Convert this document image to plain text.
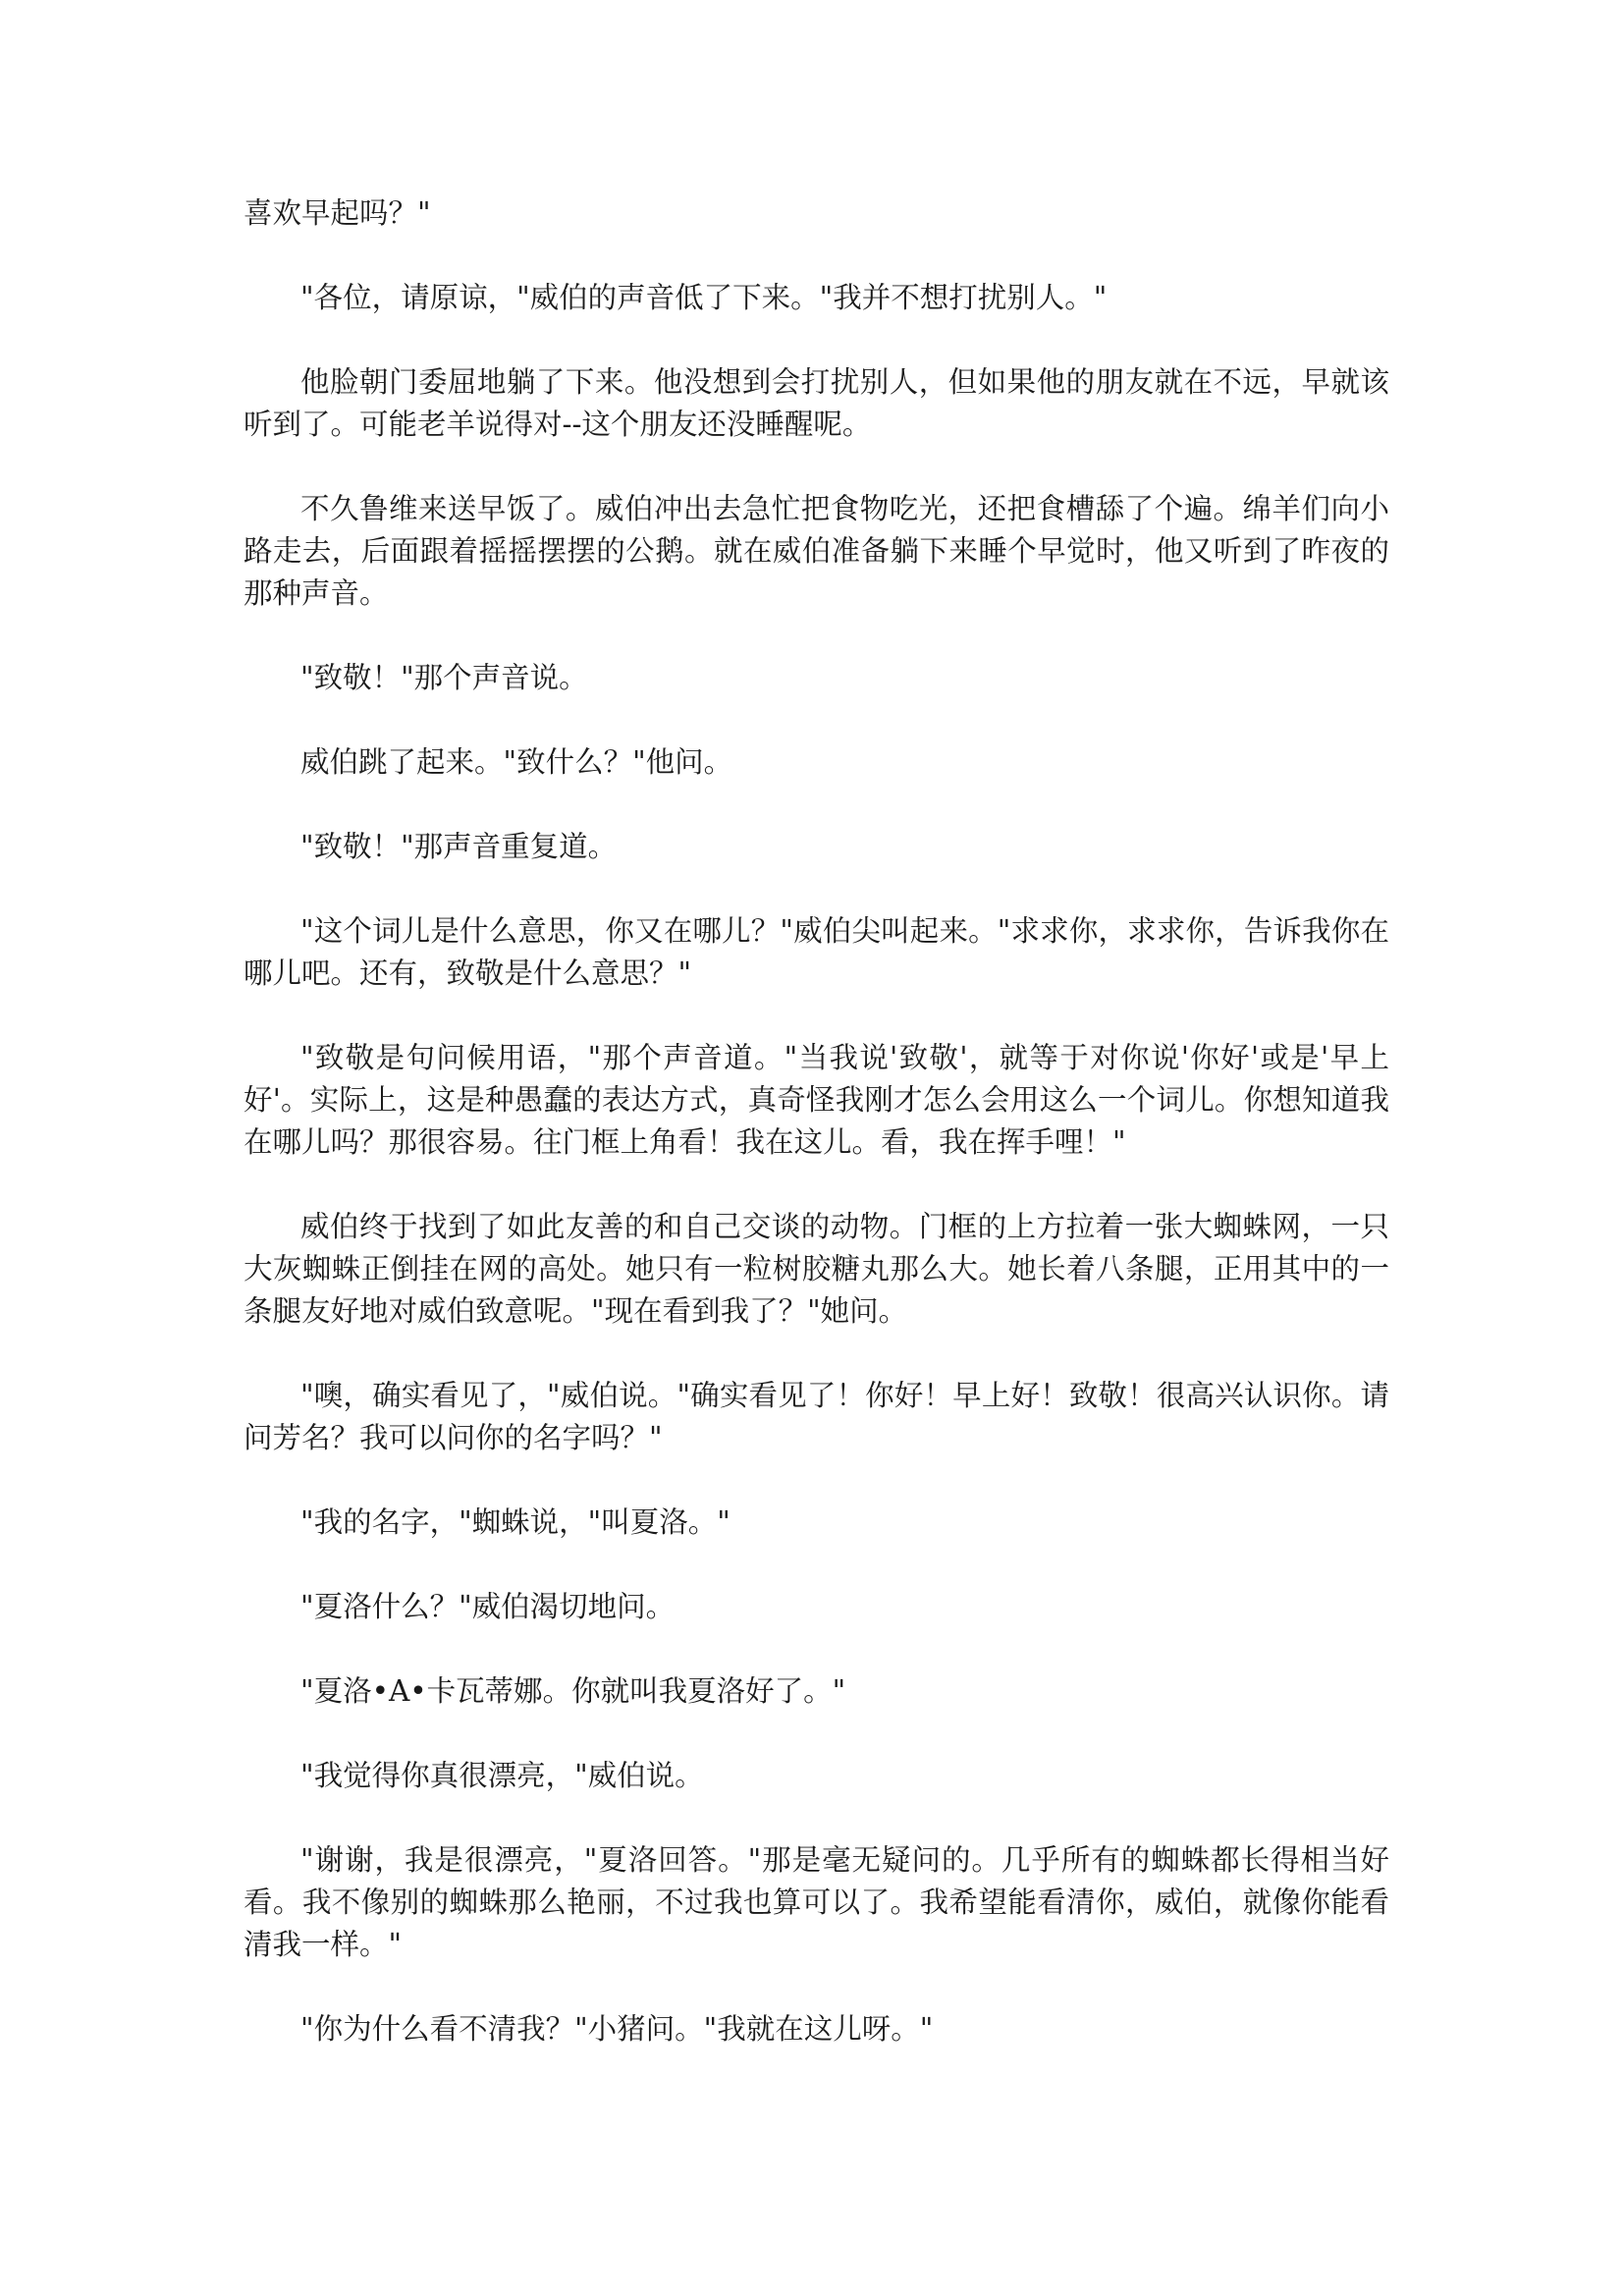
喜欢早起吗？"

"各位，请原谅，"威伯的声音低了下来。"我并不想打扰别人。"

他脸朝门委屈地躺了下来。他没想到会打扰别人，但如果他的朋友就在不远，早就该听到了。可能老羊说得对--这个朋友还没睡醒呢。

不久鲁维来送早饭了。威伯冲出去急忙把食物吃光，还把食槽舔了个遍。绵羊们向小路走去，后面跟着摇摇摆摆的公鹅。就在威伯准备躺下来睡个早觉时，他又听到了昨夜的那种声音。

"致敬！"那个声音说。

威伯跳了起来。"致什么？"他问。

"致敬！"那声音重复道。

"这个词儿是什么意思，你又在哪儿？"威伯尖叫起来。"求求你，求求你，告诉我你在哪儿吧。还有，致敬是什么意思？"

"致敬是句问候用语，"那个声音道。"当我说'致敬'，就等于对你说'你好'或是'早上好'。实际上，这是种愚蠢的表达方式，真奇怪我刚才怎么会用这么一个词儿。你想知道我在哪儿吗？那很容易。往门框上角看！我在这儿。看，我在挥手哩！"

威伯终于找到了如此友善的和自己交谈的动物。门框的上方拉着一张大蜘蛛网，一只大灰蜘蛛正倒挂在网的高处。她只有一粒树胶糖丸那么大。她长着八条腿，正用其中的一条腿友好地对威伯致意呢。"现在看到我了？"她问。

"噢，确实看见了，"威伯说。"确实看见了！你好！早上好！致敬！很高兴认识你。请问芳名？我可以问你的名字吗？"

"我的名字，"蜘蛛说，"叫夏洛。"

"夏洛什么？"威伯渴切地问。

"夏洛•A•卡瓦蒂娜。你就叫我夏洛好了。"

"我觉得你真很漂亮，"威伯说。

"谢谢，我是很漂亮，"夏洛回答。"那是毫无疑问的。几乎所有的蜘蛛都长得相当好看。我不像别的蜘蛛那么艳丽，不过我也算可以了。我希望能看清你，威伯，就像你能看清我一样。"

"你为什么看不清我？"小猪问。"我就在这儿呀。"
